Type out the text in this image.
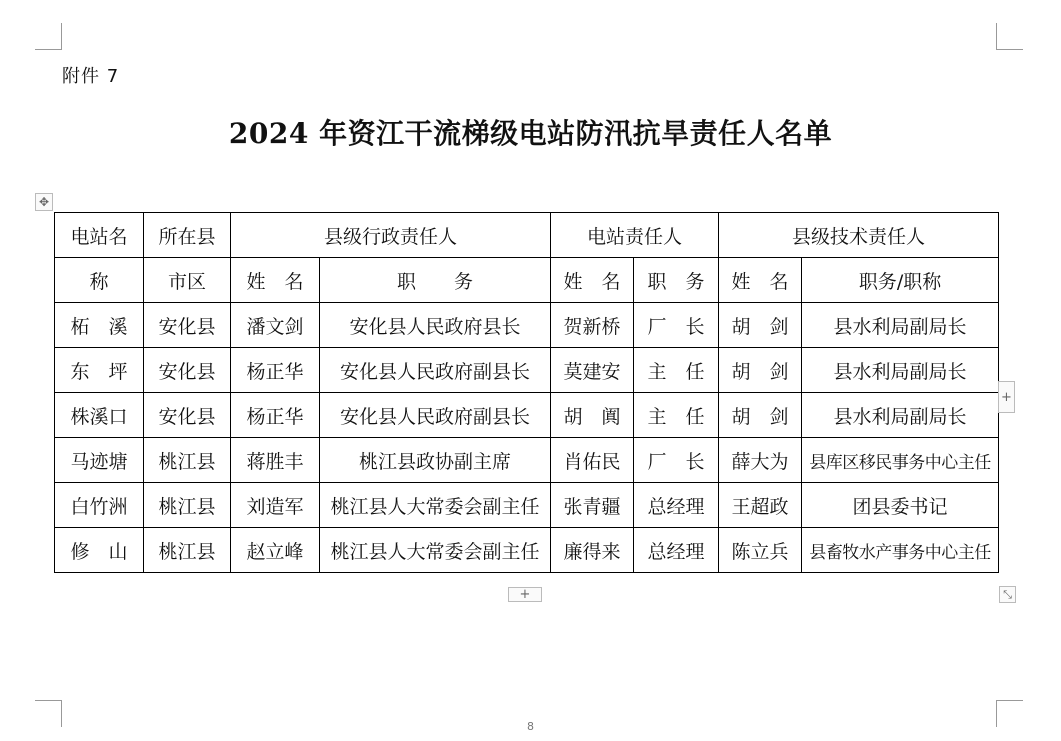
附件 7
2024 年资江干流梯级电站防汛抗旱责任人名单
✥
电站名	所在县	县级行政责任人		电站责任人		县级技术责任人	
称	市区	姓　名	职　　务	姓　名	职　务	姓　名	职务/职称
柘　溪	安化县	潘文剑	安化县人民政府县长	贺新桥	厂　长	胡　剑	县水利局副局长
东　坪	安化县	杨正华	安化县人民政府副县长	莫建安	主　任	胡　剑	县水利局副局长
株溪口	安化县	杨正华	安化县人民政府副县长	胡　阗	主　任	胡　剑	县水利局副局长
马迹塘	桃江县	蒋胜丰	桃江县政协副主席	肖佑民	厂　长	薛大为	县库区移民事务中心主任
白竹洲	桃江县	刘造军	桃江县人大常委会副主任	张青疆	总经理	王超政	团县委书记
修　山	桃江县	赵立峰	桃江县人大常委会副主任	廉得来	总经理	陈立兵	县畜牧水产事务中心主任
+
+	⤡
8
